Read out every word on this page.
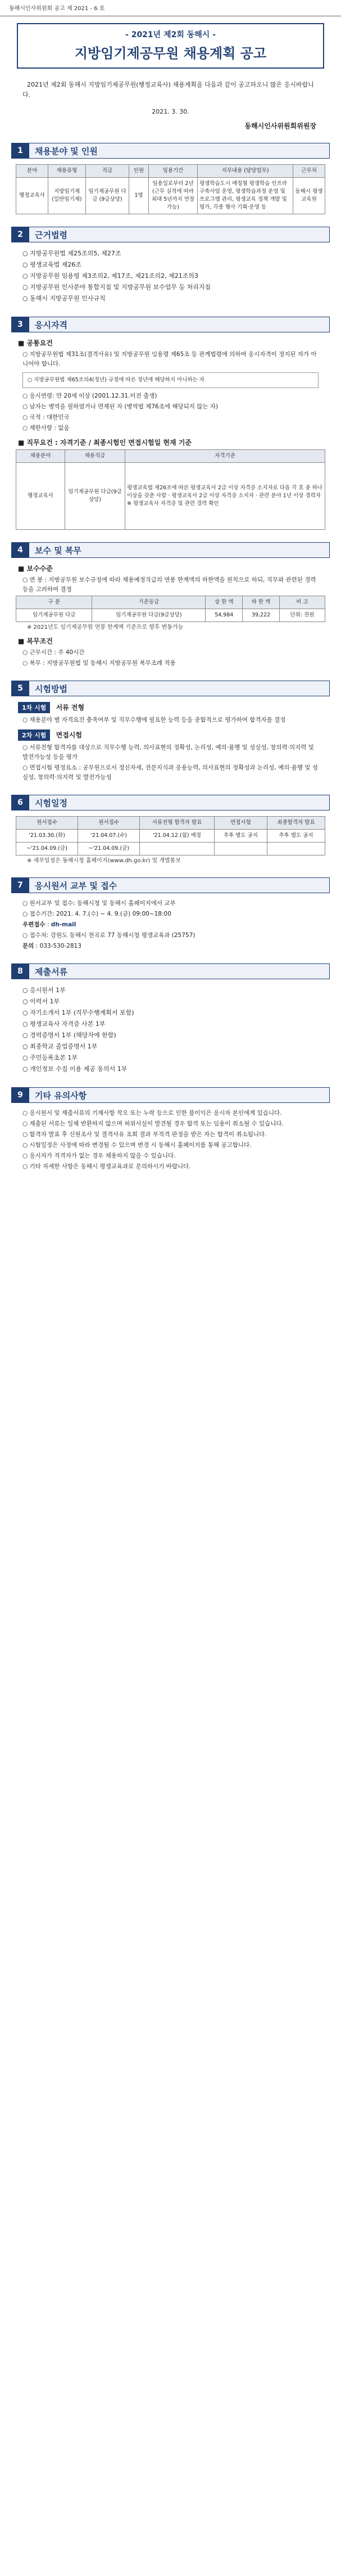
동해시인사위원회 공고 제 2021 - 6 호
- 2021년 제2회 동해시 -
지방임기제공무원 채용계획 공고
2021년 제2회 동해시 지방임기제공무원(행정교육사) 채용계획을 다음과 같이 공고하오니 많은 응시바랍니다.
2021. 3. 30.
동해시인사위원회위원장
1	채용분야 및 인원
분야	채용유형	직급	인원	임용기간	지무내용 (담당업무)	근무처
행정교육사	지방임기제 (일반임기제)	임기제공무원 다급 (9급상당)	1명	임용일로부터 2년 (근무 실적에 따라 최대 5년까지 연장가능)	평생학습도시 매칭형 평생학습 인프라 구축사업 운영, 평생학습과정 운영 및 프로그램 관리, 평생교육 정책 개발 및 평가, 각종 행사 기획·운영 등	동해시 평생교육원
2	근거법령
○ 지방공무원법 제25조의5, 제27조
○ 평생교육법 제26조
○ 지방공무원 임용령 제3조의2, 제17조, 제21조의2, 제21조의3
○ 지방공무원 인사분야 통합지침 및 지방공무원 보수업무 등 처리지침
○ 동해시 지방공무원 인사규칙
3	응시자격
■ 공통요건
○ 지방공무원법 제31조(결격사유) 및 지방공무원 임용령 제65조 등 관계법령에 의하여 응시자격이 정지된 자가 아니어야 합니다.
○ 지방공무원법 제65조의4(정년) 규정에 따른 정년에 해당하지 아니하는 자
○ 응시연령: 만 20세 이상 (2001.12.31.이전 출생)
○ 남자는 병역을 필하였거나 면제된 자 (병역법 제76조에 해당되지 않는 자)
○ 국적 : 대한민국
○ 제한사항 : 없음
■ 직무요건 : 자격기준 / 최종시험인 면접시험일 현재 기준
채용분야	채용직급	자격기준
행정교육사	임기제공무원 다급(9급상당)	평생교육법 제26조에 따른 평생교육사 2급 이상 자격증 소지자로 다음 각 호 중 하나 이상을 갖춘 사람 · 평생교육사 2급 이상 자격증 소지자 · 관련 분야 1년 이상 경력자 ※ 평생교육사 자격증 및 관련 경력 확인
4	보수 및 복무
■ 보수수준
○ 연 봉 : 지방공무원 보수규정에 따라 채용예정직급의 연봉 한계액의 하한액을 원칙으로 하되, 직무와 관련된 경력 등을 고려하여 결정
구 분	기준등급	상 한 액	하 한 액	비 고
임기제공무원 다급	임기제공무원 다급(9급상당)	54,984	39,222	단위: 천원
※ 2021년도 임기제공무원 연봉 한계액 기준으로 향후 변동가능
■ 복무조건
○ 근무시간 : 주 40시간
○ 복무 : 지방공무원법 및 동해시 지방공무원 복무조례 적용
5	시험방법
1차 시험 서류 전형
○ 채용분야 별 자격요건 충족여부 및 직무수행에 필요한 능력 등을 종합적으로 평가하여 합격자를 결정
2차 시험 면접시험
○ 서류전형 합격자를 대상으로 직무수행 능력, 의사표현의 정확성, 논리성, 예의·품행 및 성실성, 창의력·의지력 및 발전가능성 등을 평가
○ 면접시험 평정요소 : 공무원으로서 정신자세, 전문지식과 응용능력, 의사표현의 정확성과 논리성, 예의·품행 및 성실성, 창의력·의지력 및 발전가능성
6	시험일정
원서접수	원서접수	서류전형 합격자 발표	면접시험	최종합격자 발표
'21.03.30.(화)	'21.04.07.(수)	'21.04.12.(월) 예정	추후 별도 공지	추후 별도 공지
~'21.04.09.(금)	~'21.04.09.(금)			
※ 세부일정은 동해시청 홈페이지(www.dh.go.kr) 및 개별통보
7	응시원서 교부 및 접수
○ 원서교부 및 접수: 동해시청 및 동해시 홈페이지에서 교부
○ 접수기간: 2021. 4. 7.(수) ~ 4. 9.(금) 09:00~18:00
우편접수 : dh-mail
○ 접수처: 강원도 동해시 천곡로 77 동해시청 평생교육과 (25757)
문의 : 033-530-2813
8	제출서류
○ 응시원서 1부
○ 이력서 1부
○ 자기소개서 1부 (직무수행계획서 포함)
○ 평생교육사 자격증 사본 1부
○ 경력증명서 1부 (해당자에 한함)
○ 최종학교 졸업증명서 1부
○ 주민등록초본 1부
○ 개인정보 수집 이용 제공 동의서 1부
9	기타 유의사항
○ 응시원서 및 제출서류의 기재사항 착오 또는 누락 등으로 인한 불이익은 응시자 본인에게 있습니다.
○ 제출된 서류는 일체 반환하지 않으며 허위사실이 발견될 경우 합격 또는 임용이 취소될 수 있습니다.
○ 합격자 발표 후 신원조사 및 결격사유 조회 결과 부적격 판정을 받은 자는 합격이 취소됩니다.
○ 시험일정은 사정에 따라 변경될 수 있으며 변경 시 동해시 홈페이지를 통해 공고합니다.
○ 응시자가 적격자가 없는 경우 채용하지 않을 수 있습니다.
○ 기타 자세한 사항은 동해시 평생교육과로 문의하시기 바랍니다.
